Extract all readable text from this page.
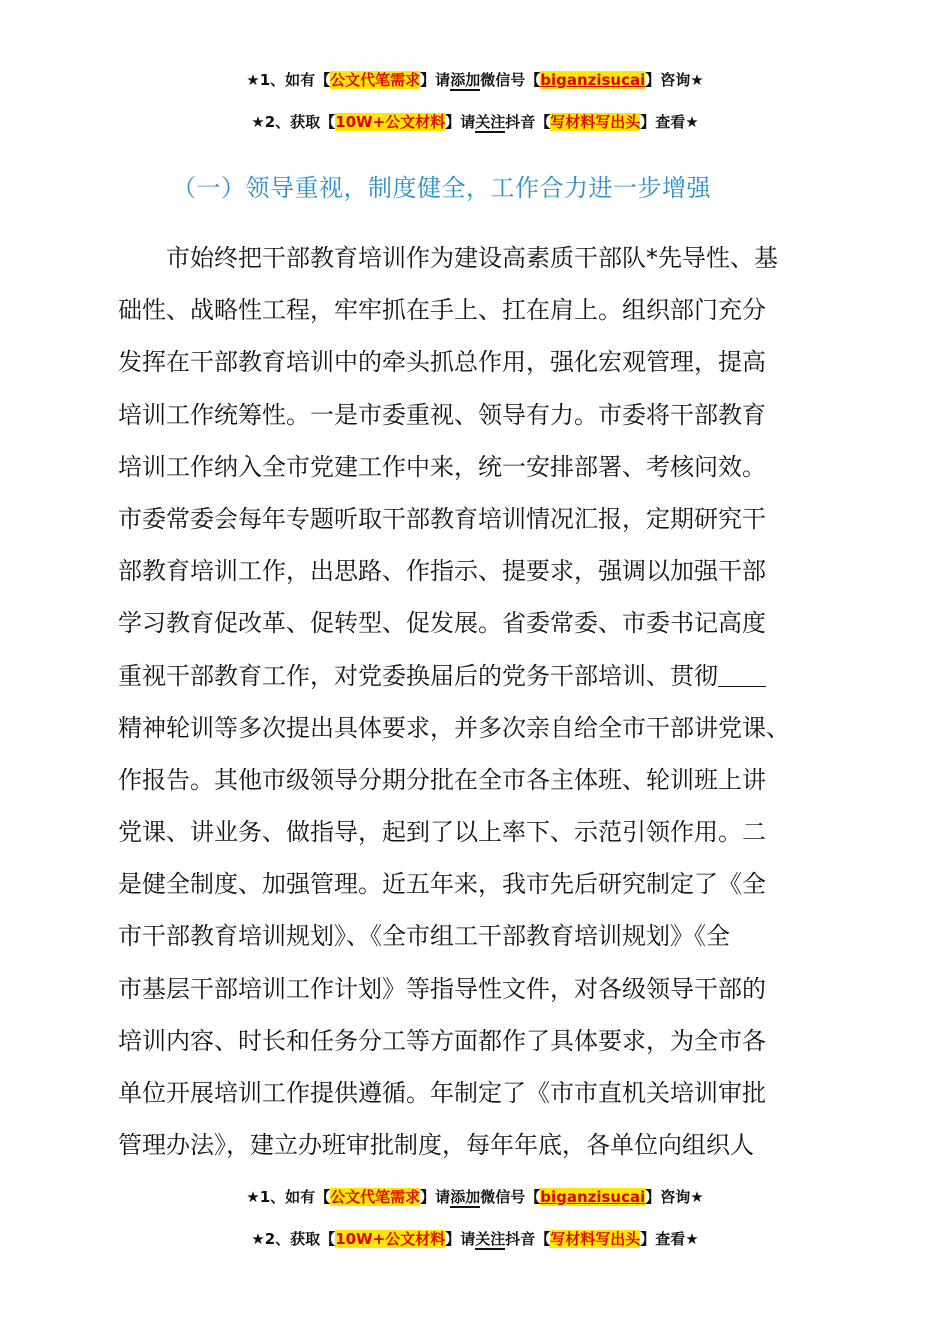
★1、如有【公文代笔需求】请添加微信号【biganzisucai】咨询★
★2、获取【10W+公文材料】请关注抖音【写材料写出头】查看★
（一）领导重视，制度健全，工作合力进一步增强
　　市始终把干部教育培训作为建设高素质干部队*先导性、基
础性、战略性工程，牢牢抓在手上、扛在肩上。组织部门充分
发挥在干部教育培训中的牵头抓总作用，强化宏观管理，提高
培训工作统筹性。一是市委重视、领导有力。市委将干部教育
培训工作纳入全市党建工作中来，统一安排部署、考核问效。
市委常委会每年专题听取干部教育培训情况汇报，定期研究干
部教育培训工作，出思路、作指示、提要求，强调以加强干部
学习教育促改革、促转型、促发展。省委常委、市委书记高度
重视干部教育工作，对党委换届后的党务干部培训、贯彻＿＿
精神轮训等多次提出具体要求，并多次亲自给全市干部讲党课、
作报告。其他市级领导分期分批在全市各主体班、轮训班上讲
党课、讲业务、做指导，起到了以上率下、示范引领作用。二
是健全制度、加强管理。近五年来，我市先后研究制定了《全
市干部教育培训规划》、《全市组工干部教育培训规划》《全
市基层干部培训工作计划》等指导性文件，对各级领导干部的
培训内容、时长和任务分工等方面都作了具体要求，为全市各
单位开展培训工作提供遵循。年制定了《市市直机关培训审批
管理办法》，建立办班审批制度，每年年底，各单位向组织人
★1、如有【公文代笔需求】请添加微信号【biganzisucai】咨询★
★2、获取【10W+公文材料】请关注抖音【写材料写出头】查看★
